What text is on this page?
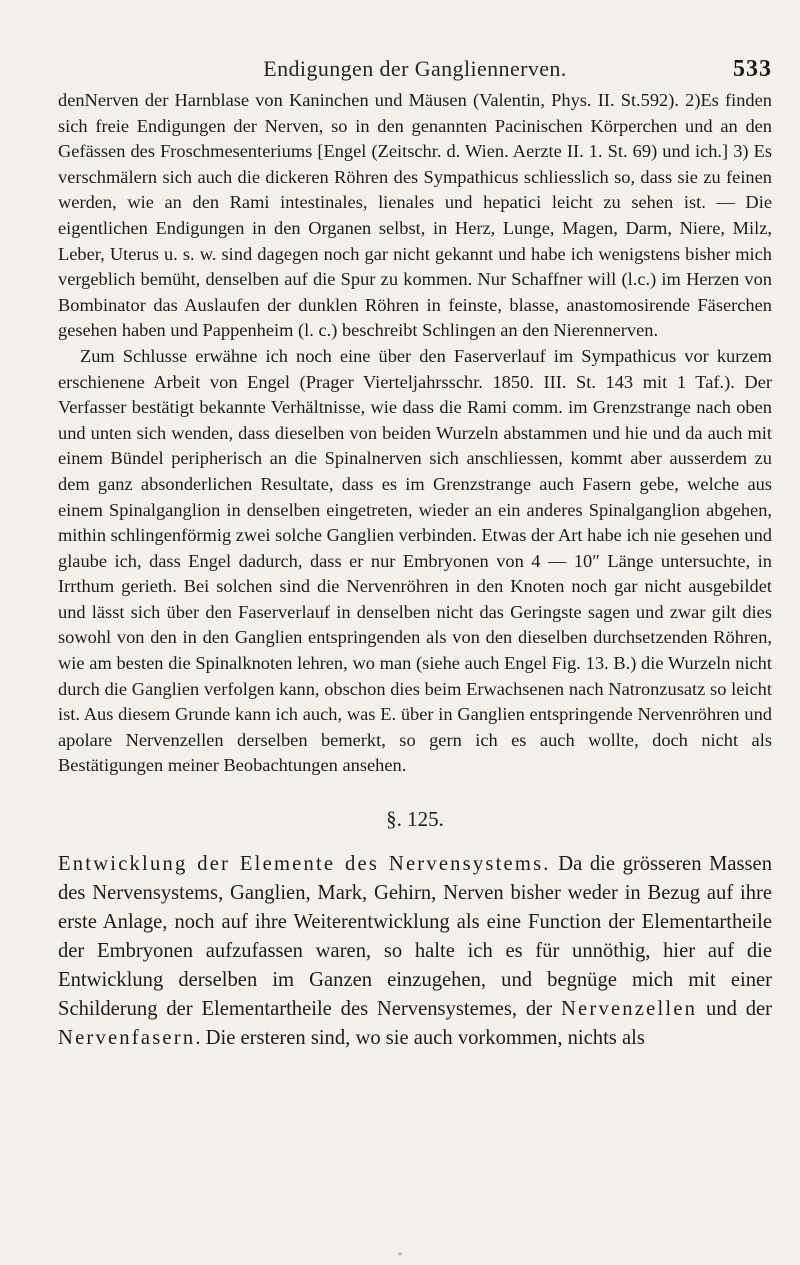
Endigungen der Gangliennerven.	533

denNerven der Harnblase von Kaninchen und Mäusen (Valentin, Phys. II. St.592). 2)Es finden sich freie Endigungen der Nerven, so in den genannten Pacinischen Körperchen und an den Gefässen des Froschmesenteriums [Engel (Zeitschr. d. Wien. Aerzte II. 1. St. 69) und ich.] 3) Es verschmälern sich auch die dickeren Röhren des Sympathicus schliesslich so, dass sie zu feinen werden, wie an den Rami intestinales, lienales und hepatici leicht zu sehen ist. — Die eigentlichen Endigungen in den Organen selbst, in Herz, Lunge, Magen, Darm, Niere, Milz, Leber, Uterus u. s. w. sind dagegen noch gar nicht gekannt und habe ich wenigstens bisher mich vergeblich bemüht, denselben auf die Spur zu kommen. Nur Schaffner will (l.c.) im Herzen von Bombinator das Auslaufen der dunklen Röhren in feinste, blasse, anastomosirende Fäserchen gesehen haben und Pappenheim (l. c.) beschreibt Schlingen an den Nierennerven.

Zum Schlusse erwähne ich noch eine über den Faserverlauf im Sympathicus vor kurzem erschienene Arbeit von Engel (Prager Vierteljahrsschr. 1850. III. St. 143 mit 1 Taf.). Der Verfasser bestätigt bekannte Verhältnisse, wie dass die Rami comm. im Grenzstrange nach oben und unten sich wenden, dass dieselben von beiden Wurzeln abstammen und hie und da auch mit einem Bündel peripherisch an die Spinalnerven sich anschliessen, kommt aber ausserdem zu dem ganz absonderlichen Resultate, dass es im Grenzstrange auch Fasern gebe, welche aus einem Spinalganglion in denselben eingetreten, wieder an ein anderes Spinalganglion abgehen, mithin schlingenförmig zwei solche Ganglien verbinden. Etwas der Art habe ich nie gesehen und glaube ich, dass Engel dadurch, dass er nur Embryonen von 4 — 10″ Länge untersuchte, in Irrthum gerieth. Bei solchen sind die Nervenröhren in den Knoten noch gar nicht ausgebildet und lässt sich über den Faserverlauf in denselben nicht das Geringste sagen und zwar gilt dies sowohl von den in den Ganglien entspringenden als von den dieselben durchsetzenden Röhren, wie am besten die Spinalknoten lehren, wo man (siehe auch Engel Fig. 13. B.) die Wurzeln nicht durch die Ganglien verfolgen kann, obschon dies beim Erwachsenen nach Natronzusatz so leicht ist. Aus diesem Grunde kann ich auch, was E. über in Ganglien entspringende Nervenröhren und apolare Nervenzellen derselben bemerkt, so gern ich es auch wollte, doch nicht als Bestätigungen meiner Beobachtungen ansehen.

§. 125.

Entwicklung der Elemente des Nervensystems. Da die grösseren Massen des Nervensystems, Ganglien, Mark, Gehirn, Nerven bisher weder in Bezug auf ihre erste Anlage, noch auf ihre Weiterentwicklung als eine Function der Elementartheile der Embryonen aufzufassen waren, so halte ich es für unnöthig, hier auf die Entwicklung derselben im Ganzen einzugehen, und begnüge mich mit einer Schilderung der Elementartheile des Nervensystemes, der Nervenzellen und der Nervenfasern. Die ersteren sind, wo sie auch vorkommen, nichts als

*
